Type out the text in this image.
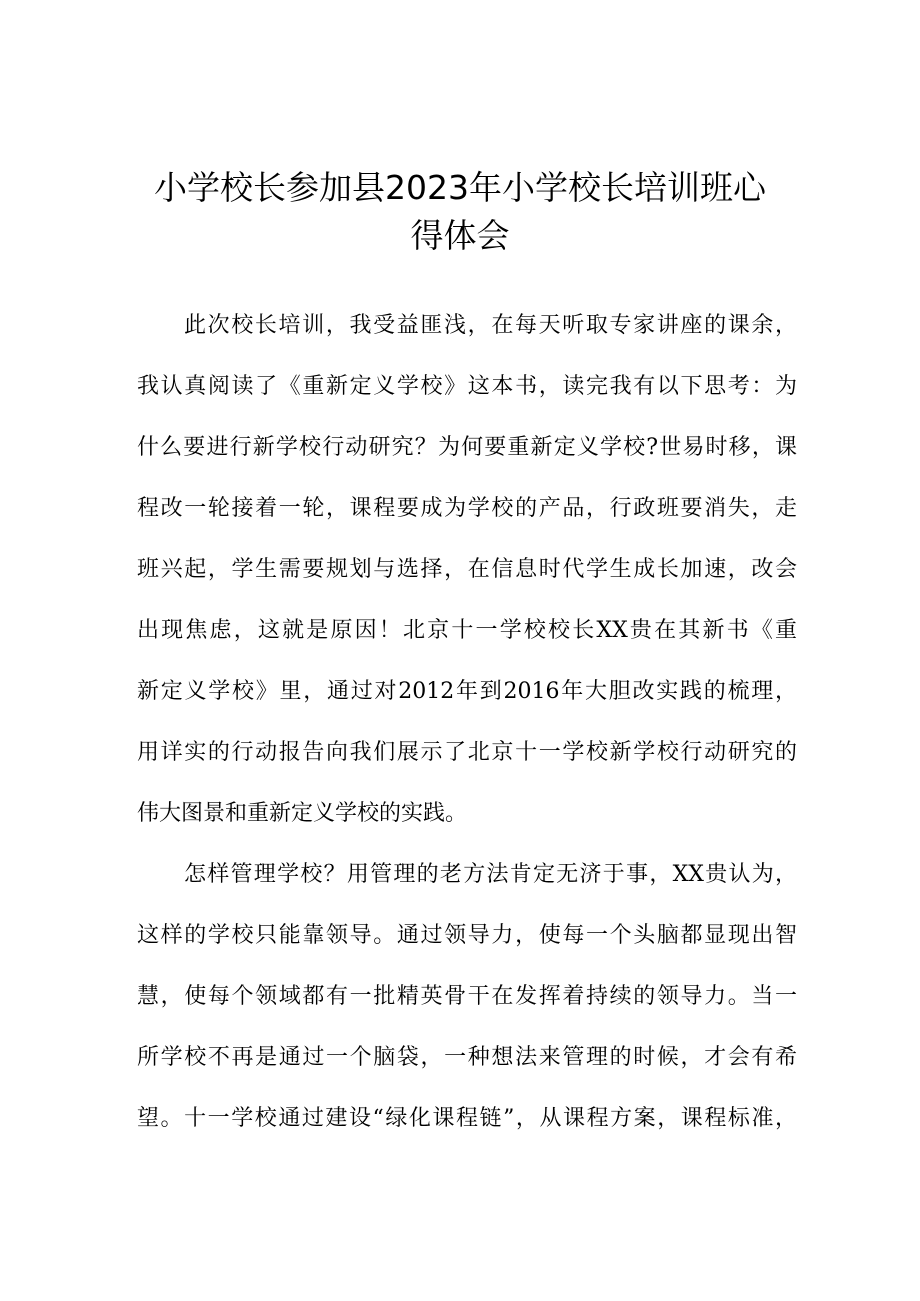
小学校长参加县2023年小学校长培训班心
得体会
此次校长培训，我受益匪浅，在每天听取专家讲座的课余，
我认真阅读了《重新定义学校》这本书，读完我有以下思考：为
什么要进行新学校行动研究？为何要重新定义学校?世易时移，课
程改一轮接着一轮，课程要成为学校的产品，行政班要消失，走
班兴起，学生需要规划与选择，在信息时代学生成长加速，改会
出现焦虑，这就是原因！北京十一学校校长XX贵在其新书《重
新定义学校》里，通过对2012年到2016年大胆改实践的梳理，
用详实的行动报告向我们展示了北京十一学校新学校行动研究的
伟大图景和重新定义学校的实践。
怎样管理学校？用管理的老方法肯定无济于事，XX贵认为，
这样的学校只能靠领导。通过领导力，使每一个头脑都显现出智
慧，使每个领域都有一批精英骨干在发挥着持续的领导力。当一
所学校不再是通过一个脑袋，一种想法来管理的时候，才会有希
望。十一学校通过建设“绿化课程链”，从课程方案，课程标准，
